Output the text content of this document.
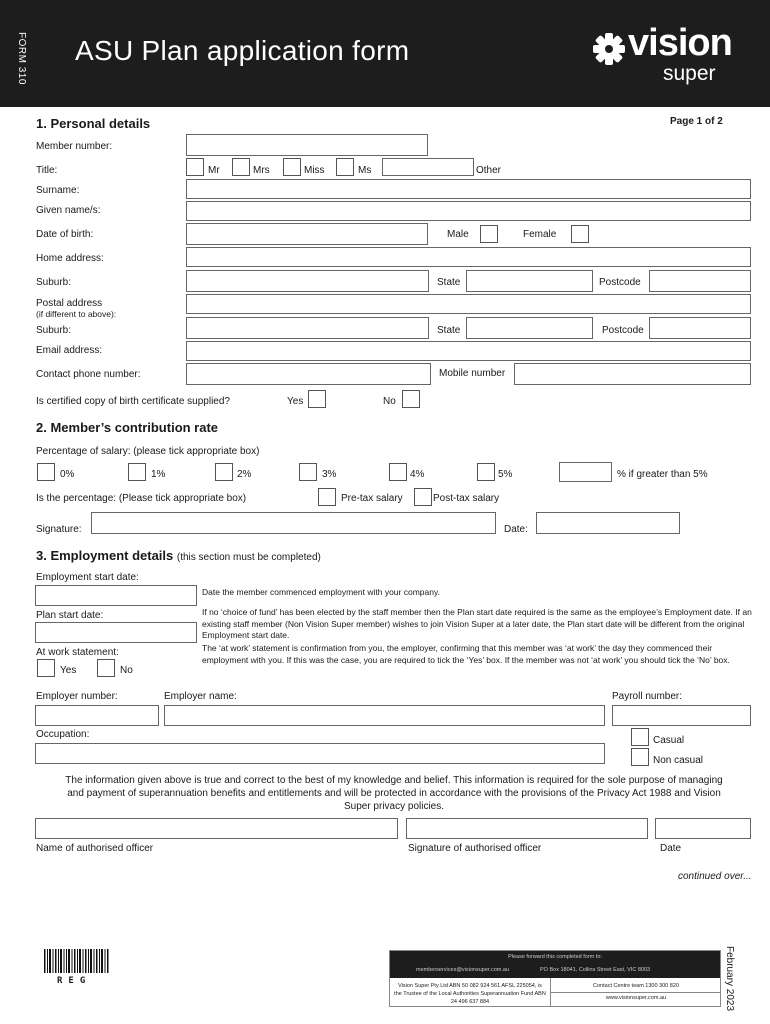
FORM 310 ASU Plan application form	vision
super
1. Personal details	Page 1 of 2
Member number:
Title:	Mr	Mrs	Miss	Ms	Other
Surname:
Given name/s:
Date of birth:	Male	Female
Home address:
Suburb:	State	Postcode
Postal address
(if different to above):
Suburb:	State	Postcode
Email address:
Contact phone number:	Mobile number
Is certified copy of birth certificate supplied?	Yes	No
2. Member’s contribution rate
Percentage of salary: (please tick appropriate box)
0%	1%	2%	3%	4%	5%	% if greater than 5%
Is the percentage: (Please tick appropriate box)	Pre-tax salary	Post-tax salary
Signature:	Date:
3. Employment details (this section must be completed)
Employment start date:
Date the member commenced employment with your company.
Plan start date:	If no ‘choice of fund’ has been elected by the staff member then the Plan start date required is the same as the employee’s Employment date. If an existing staff member (Non Vision Super member) wishes to join Vision Super at a later date, the Plan start date will be different from the original Employment start date.
At work statement:	The ‘at work’ statement is confirmation from you, the employer, confirming that this member was ‘at work’ the day they commenced their employment with you. If this was the case, you are required to tick the ‘Yes’ box. If the member was not ‘at work’ you should tick the ‘No’ box.
Yes	No
Employer number:	Employer name:	Payroll number:
Occupation:
Casual
Non casual
The information given above is true and correct to the best of my knowledge and belief. This information is required for the sole purpose of managing and payment of superannuation benefits and entitlements and will be protected in accordance with the provisions of the Privacy Act 1988 and Vision Super privacy policies.
Name of authorised officer	Signature of authorised officer	Date
continued over...
REG
Please forward this completed form to:
memberservices@visionsuper.com.au	PO Box 18041, Collins Street East, VIC 8003
Vision Super Pty Ltd ABN 50 082 924 561 AFSL 225054, is the Trustee of the Local Authorities Superannuation Fund ABN 24 496 637 884
Contact Centre team 1300 300 820
www.visionsuper.com.au	February 2023
